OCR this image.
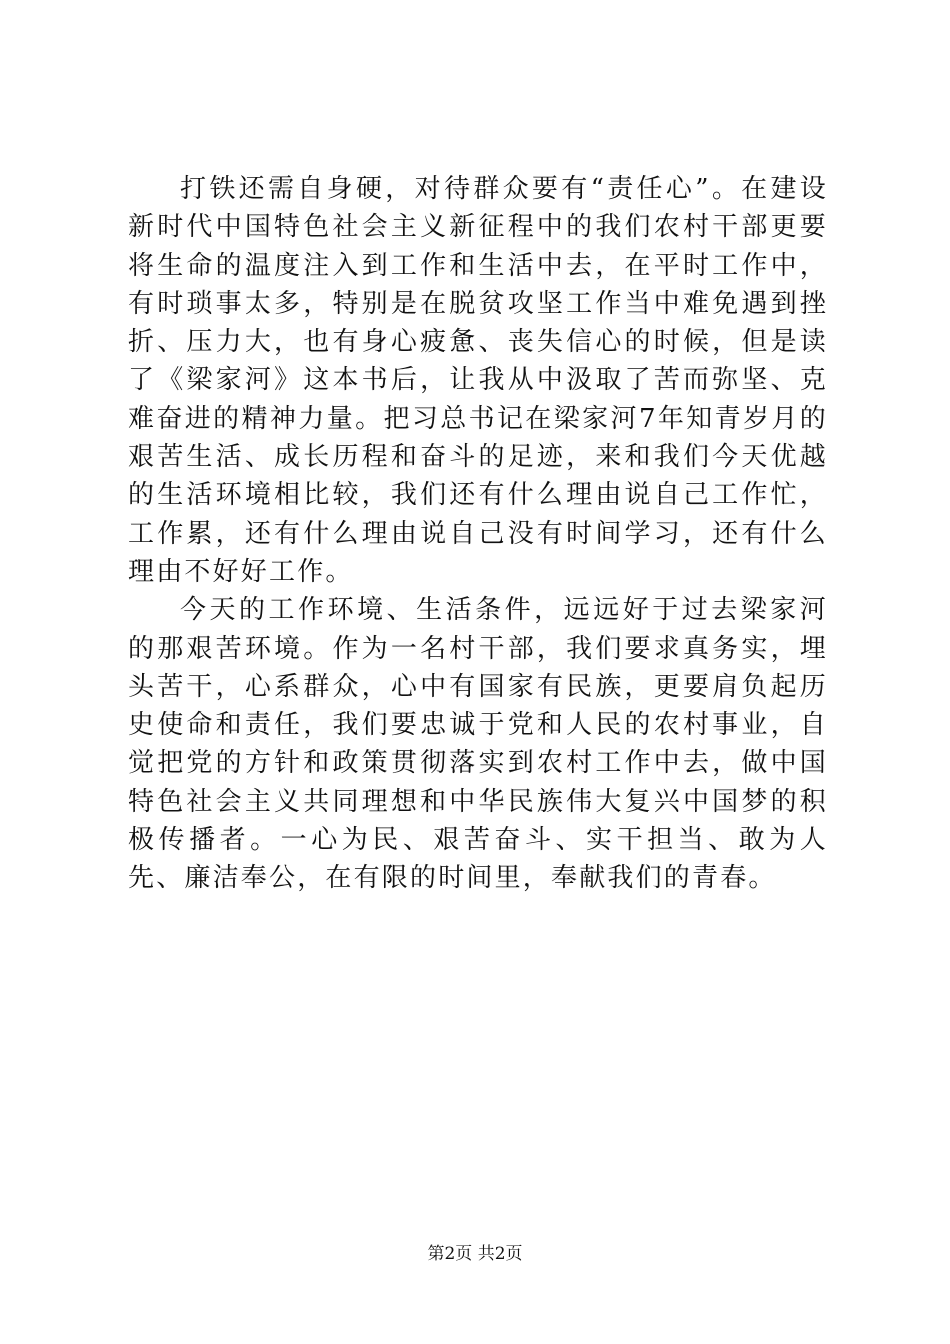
打铁还需自身硬，对待群众要有“责任心”。在建设新时代中国特色社会主义新征程中的我们农村干部更要将生命的温度注入到工作和生活中去，在平时工作中，有时琐事太多，特别是在脱贫攻坚工作当中难免遇到挫折、压力大，也有身心疲惫、丧失信心的时候，但是读了《梁家河》这本书后，让我从中汲取了苦而弥坚、克难奋进的精神力量。把习总书记在梁家河7年知青岁月的艰苦生活、成长历程和奋斗的足迹，来和我们今天优越的生活环境相比较，我们还有什么理由说自己工作忙，工作累，还有什么理由说自己没有时间学习，还有什么理由不好好工作。

今天的工作环境、生活条件，远远好于过去梁家河的那艰苦环境。作为一名村干部，我们要求真务实，埋头苦干，心系群众，心中有国家有民族，更要肩负起历史使命和责任，我们要忠诚于党和人民的农村事业，自觉把党的方针和政策贯彻落实到农村工作中去，做中国特色社会主义共同理想和中华民族伟大复兴中国梦的积极传播者。一心为民、艰苦奋斗、实干担当、敢为人先、廉洁奉公，在有限的时间里，奉献我们的青春。

第2页 共2页
